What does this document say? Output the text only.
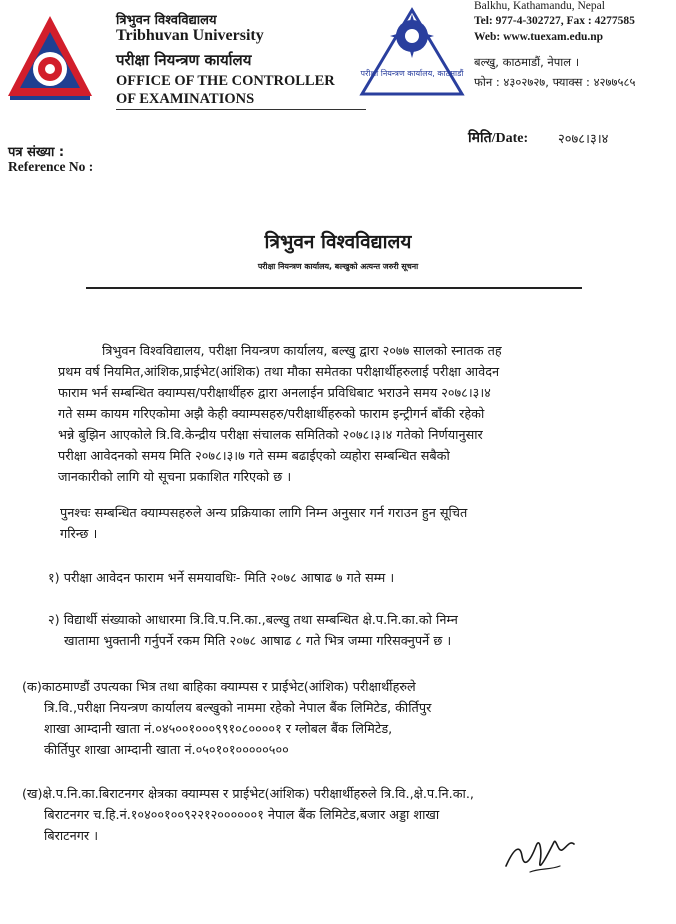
त्रिभुवन विश्वविद्यालय
Tribhuvan University
परीक्षा नियन्त्रण कार्यालय
OFFICE OF THE CONTROLLER
OF EXAMINATIONS
परीक्षा नियन्त्रण कार्यालय, काठमाडौं
Balkhu, Kathamandu, Nepal
Tel: 977-4-302727, Fax : 4277585
Web: www.tuexam.edu.np
बल्खु, काठमाडौं, नेपाल ।
फोन : ४३०२७२७, फ्याक्स : ४२७७५८५
पत्र संख्या :
Reference No :
मिति/Date: २०७८।३।४
त्रिभुवन विश्वविद्यालय
परीक्षा नियन्त्रण कार्यालय, बल्खुको अत्यन्त जरुरी सूचना
त्रिभुवन विश्वविद्यालय, परीक्षा नियन्त्रण कार्यालय, बल्खु द्वारा २०७७ सालको स्नातक तह
प्रथम वर्ष नियमित,आंशिक,प्राईभेट(आंशिक) तथा मौका समेतका परीक्षार्थीहरुलाई परीक्षा आवेदन
फाराम भर्न सम्बन्धित क्याम्पस/परीक्षार्थीहरु द्वारा अनलाईन प्रविधिबाट भराउने समय २०७८।३।४
गते सम्म कायम गरिएकोमा अझै केही क्याम्पसहरु/परीक्षार्थीहरुको फाराम इन्ट्रीगर्न बाँकी रहेको
भन्ने बुझिन आएकोले त्रि.वि.केन्द्रीय परीक्षा संचालक समितिको २०७८।३।४ गतेको निर्णयानुसार
परीक्षा आवेदनको समय मिति २०७८।३।७ गते सम्म बढाईएको व्यहोरा सम्बन्धित सबैको
जानकारीको लागि यो सूचना प्रकाशित गरिएको छ ।
पुनश्चः सम्बन्धित क्याम्पसहरुले अन्य प्रक्रियाका लागि निम्न अनुसार गर्न गराउन हुन सूचित
गरिन्छ ।
१) परीक्षा आवेदन फाराम भर्ने समयावधिः- मिति २०७८ आषाढ ७ गते सम्म ।
२) विद्यार्थी संख्याको आधारमा त्रि.वि.प.नि.का.,बल्खु तथा सम्बन्धित क्षे.प.नि.का.को निम्न
खातामा भुक्तानी गर्नुपर्ने रकम मिति २०७८ आषाढ ८ गते भित्र जम्मा गरिसक्नुपर्ने छ ।
(क)काठमाण्डौं उपत्यका भित्र तथा बाहिका क्याम्पस र प्राईभेट(आंशिक) परीक्षार्थीहरुले
त्रि.वि.,परीक्षा नियन्त्रण कार्यालय बल्खुको नाममा रहेको नेपाल बैंक लिमिटेड, कीर्तिपुर
शाखा आम्दानी खाता नं.०४५००१०००९९१०८००००१ र ग्लोबल बैंक लिमिटेड,
कीर्तिपुर शाखा आम्दानी खाता नं.०५०१०१०००००५००
(ख)क्षे.प.नि.का.बिराटनगर क्षेत्रका क्याम्पस र प्राईभेट(आंशिक) परीक्षार्थीहरुले त्रि.वि.,क्षे.प.नि.का.,
बिराटनगर च.हि.नं.१०४००१००९२२१२००००००१ नेपाल बैंक लिमिटेड,बजार अड्डा शाखा
बिराटनगर ।
